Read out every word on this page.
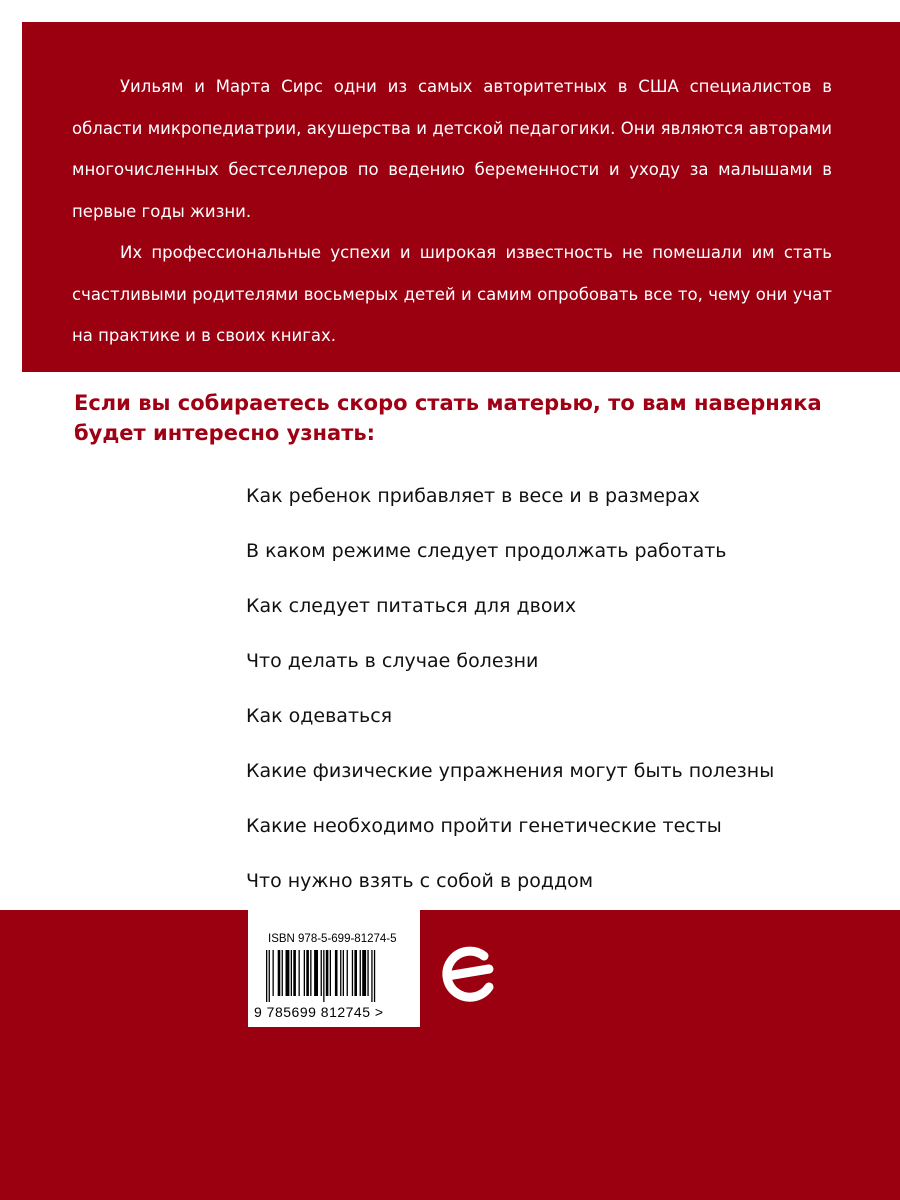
Уильям и Марта Сирс одни из самых авторитетных в США специалистов в области микропедиатрии, акушерства и детской педагогики. Они являются авторами многочисленных бестселлеров по ведению беременности и уходу за малышами в первые годы жизни.

Их профессиональные успехи и широкая известность не помешали им стать счастливыми родителями восьмерых детей и самим опробовать все то, чему они учат на практике и в своих книгах.

Если вы собираетесь скоро стать матерью, то вам наверняка будет интересно узнать:
Как ребенок прибавляет в весе и в размерах
В каком режиме следует продолжать работать
Как следует питаться для двоих
Что делать в случае болезни
Как одеваться
Какие физические упражнения могут быть полезны
Какие необходимо пройти генетические тесты
Что нужно взять с собой в роддом
ISBN 978-5-699-81274-5
9 785699 812745 >
